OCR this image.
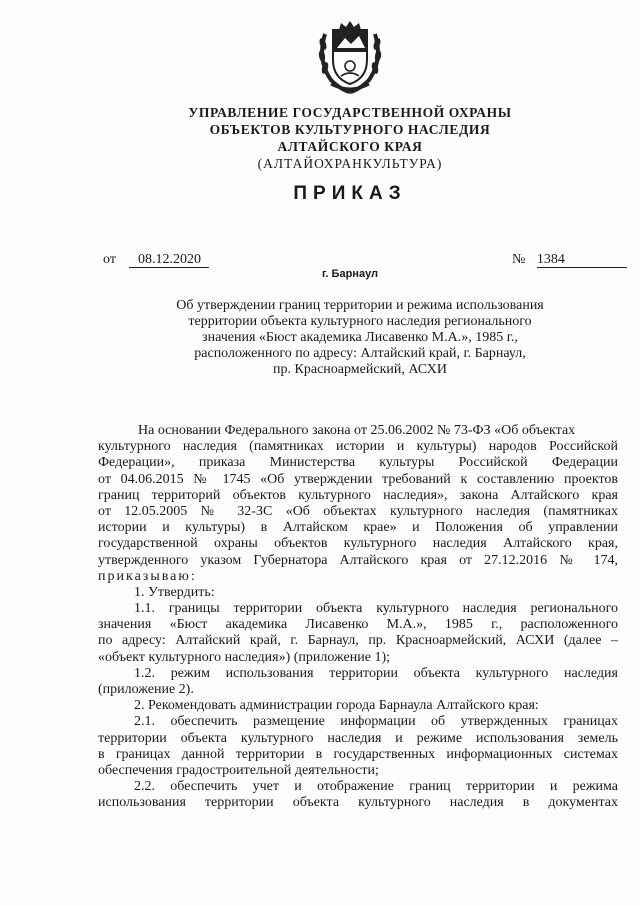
УПРАВЛЕНИЕ ГОСУДАРСТВЕННОЙ ОХРАНЫ
ОБЪЕКТОВ КУЛЬТУРНОГО НАСЛЕДИЯ
АЛТАЙСКОГО КРАЯ
(АЛТАЙОХРАНКУЛЬТУРА)
ПРИКАЗ
от 08.12.2020	№ 1384
г. Барнаул
Об утверждении границ территории и режима использования
территории объекта культурного наследия регионального
значения «Бюст академика Лисавенко М.А.», 1985 г.,
расположенного по адресу: Алтайский край, г. Барнаул,
пр. Красноармейский, АСХИ
На основании Федерального закона от 25.06.2002 № 73-ФЗ «Об объектах
культурного наследия (памятниках истории и культуры) народов Российской
Федерации», приказа Министерства культуры Российской Федерации
от 04.06.2015 № 1745 «Об утверждении требований к составлению проектов
границ территорий объектов культурного наследия», закона Алтайского края
от 12.05.2005 № 32-ЗС «Об объектах культурного наследия (памятниках
истории и культуры) в Алтайском крае» и Положения об управлении
государственной охраны объектов культурного наследия Алтайского края,
утвержденного указом Губернатора Алтайского края от 27.12.2016 № 174,
приказываю:
1. Утвердить:
1.1. границы территории объекта культурного наследия регионального
значения «Бюст академика Лисавенко М.А.», 1985 г., расположенного
по адресу: Алтайский край, г. Барнаул, пр. Красноармейский, АСХИ (далее –
«объект культурного наследия») (приложение 1);
1.2. режим использования территории объекта культурного наследия
(приложение 2).
2. Рекомендовать администрации города Барнаула Алтайского края:
2.1. обеспечить размещение информации об утвержденных границах
территории объекта культурного наследия и режиме использования земель
в границах данной территории в государственных информационных системах
обеспечения градостроительной деятельности;
2.2. обеспечить учет и отображение границ территории и режима
использования территории объекта культурного наследия в документах
